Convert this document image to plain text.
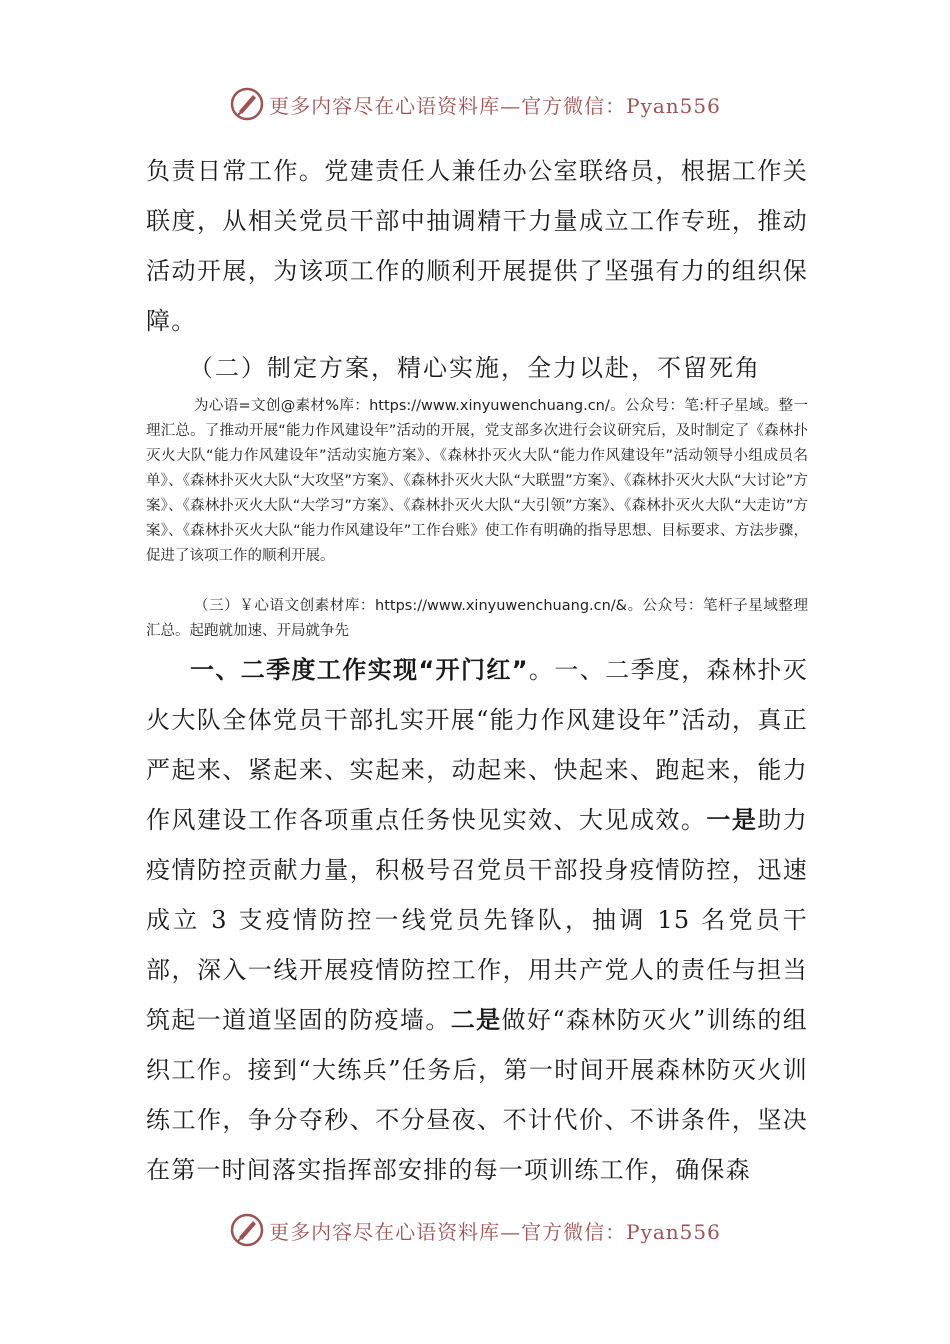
更多内容尽在心语资料库—官方微信：Pyan556

负责日常工作。党建责任人兼任办公室联络员，根据工作关联度，从相关党员干部中抽调精干力量成立工作专班，推动活动开展，为该项工作的顺利开展提供了坚强有力的组织保障。

（二）制定方案，精心实施，全力以赴，不留死角

为心语=文创@素材%库：https://www.xinyuwenchuang.cn/。公众号：笔:杆子星域。整一理汇总。了推动开展“能力作风建设年”活动的开展，党支部多次进行会议研究后，及时制定了《森林扑灭火大队“能力作风建设年”活动实施方案》、《森林扑灭火大队“能力作风建设年”活动领导小组成员名单》、《森林扑灭火大队“大攻坚”方案》、《森林扑灭火大队“大联盟”方案》、《森林扑灭火大队“大讨论”方案》、《森林扑灭火大队“大学习”方案》、《森林扑灭火大队“大引领”方案》、《森林扑灭火大队“大走访”方案》、《森林扑灭火大队“能力作风建设年”工作台账》使工作有明确的指导思想、目标要求、方法步骤，促进了该项工作的顺利开展。

（三）￥心语文创素材库：https://www.xinyuwenchuang.cn/&。公众号：笔杆子星域整理汇总。起跑就加速、开局就争先

一、二季度工作实现“开门红”。一、二季度，森林扑灭火大队全体党员干部扎实开展“能力作风建设年”活动，真正严起来、紧起来、实起来，动起来、快起来、跑起来，能力作风建设工作各项重点任务快见实效、大见成效。一是助力疫情防控贡献力量，积极号召党员干部投身疫情防控，迅速成立 3 支疫情防控一线党员先锋队，抽调 15 名党员干部，深入一线开展疫情防控工作，用共产党人的责任与担当筑起一道道坚固的防疫墙。二是做好“森林防灭火”训练的组织工作。接到“大练兵”任务后，第一时间开展森林防灭火训练工作，争分夺秒、不分昼夜、不计代价、不讲条件，坚决在第一时间落实指挥部安排的每一项训练工作，确保森

更多内容尽在心语资料库—官方微信：Pyan556
